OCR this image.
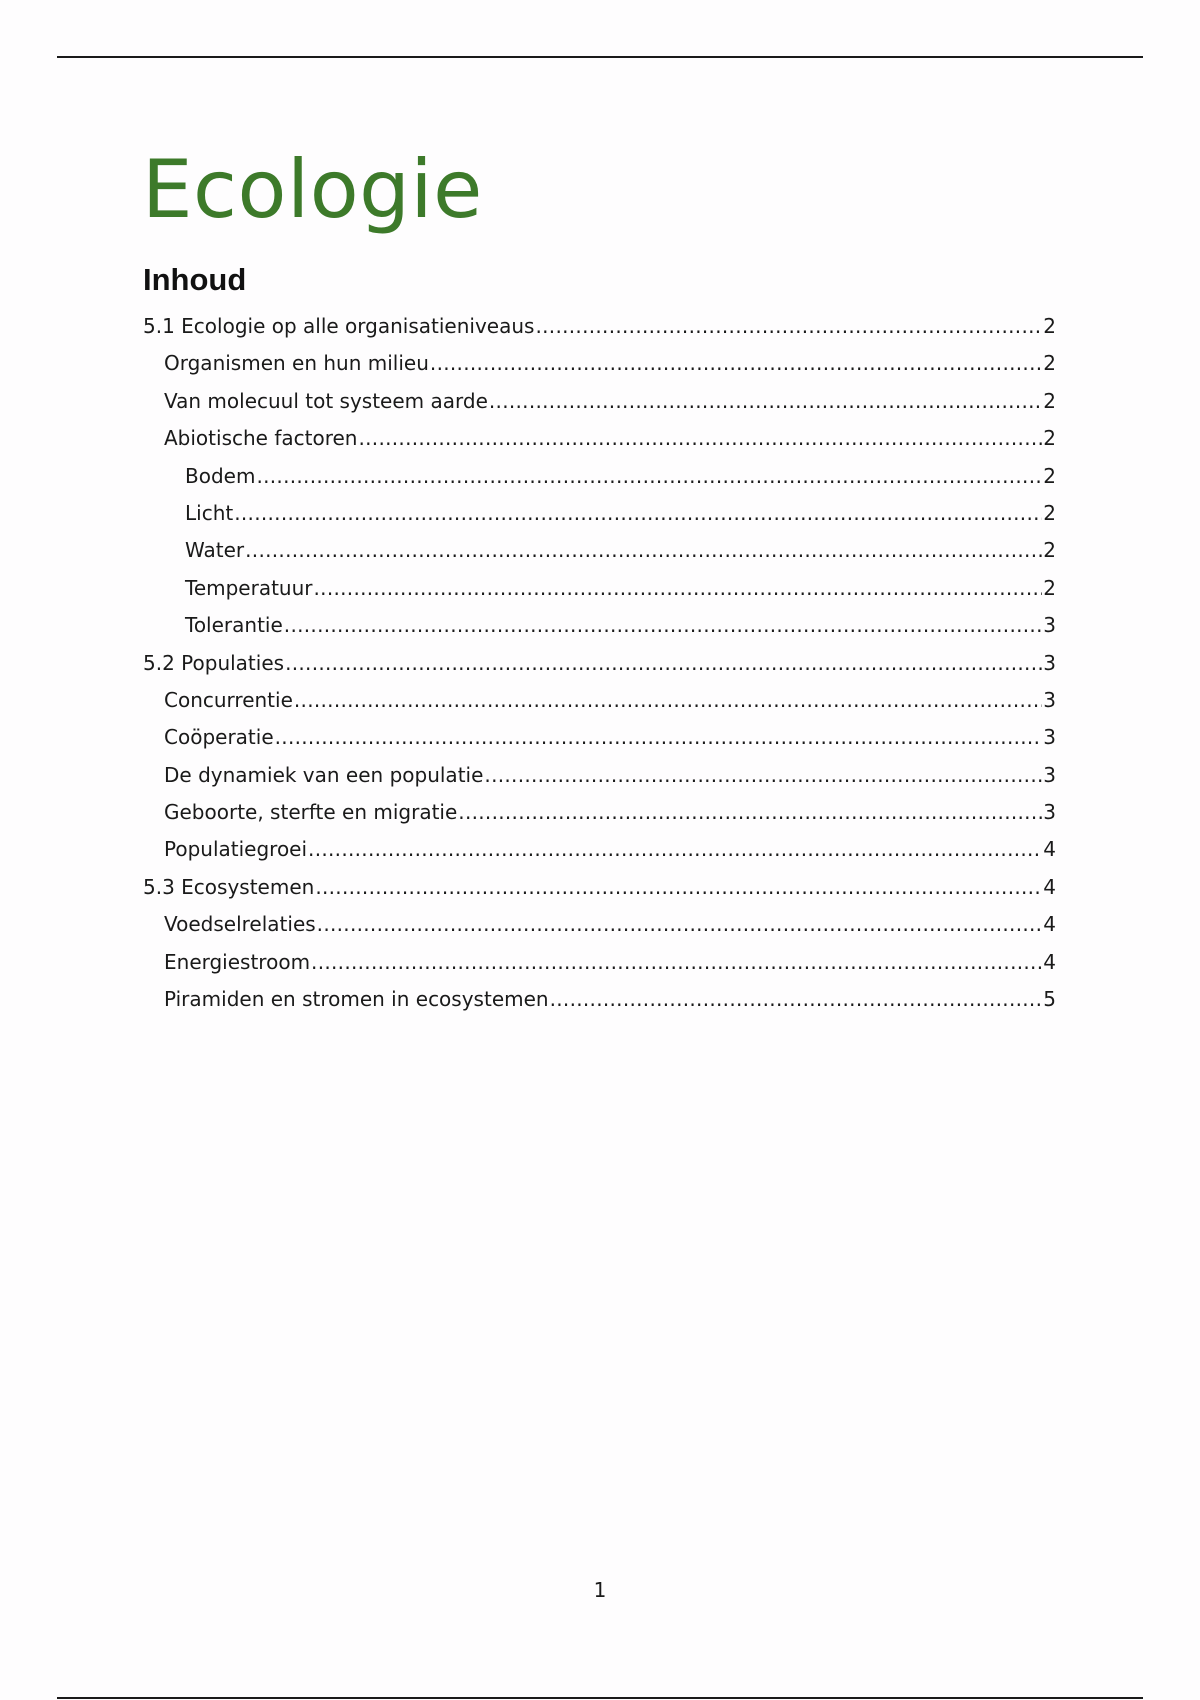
Ecologie
Inhoud
5.1 Ecologie op alle organisatieniveaus .....	2
Organismen en hun milieu .....	2
Van molecuul tot systeem aarde .....	2
Abiotische factoren .....	2
Bodem .....	2
Licht .....	2
Water .....	2
Temperatuur .....	2
Tolerantie .....	3
5.2 Populaties .....	3
Concurrentie .....	3
Coöperatie .....	3
De dynamiek van een populatie .....	3
Geboorte, sterfte en migratie .....	3
Populatiegroei .....	4
5.3 Ecosystemen .....	4
Voedselrelaties .....	4
Energiestroom .....	4
Piramiden en stromen in ecosystemen .....	5
1
